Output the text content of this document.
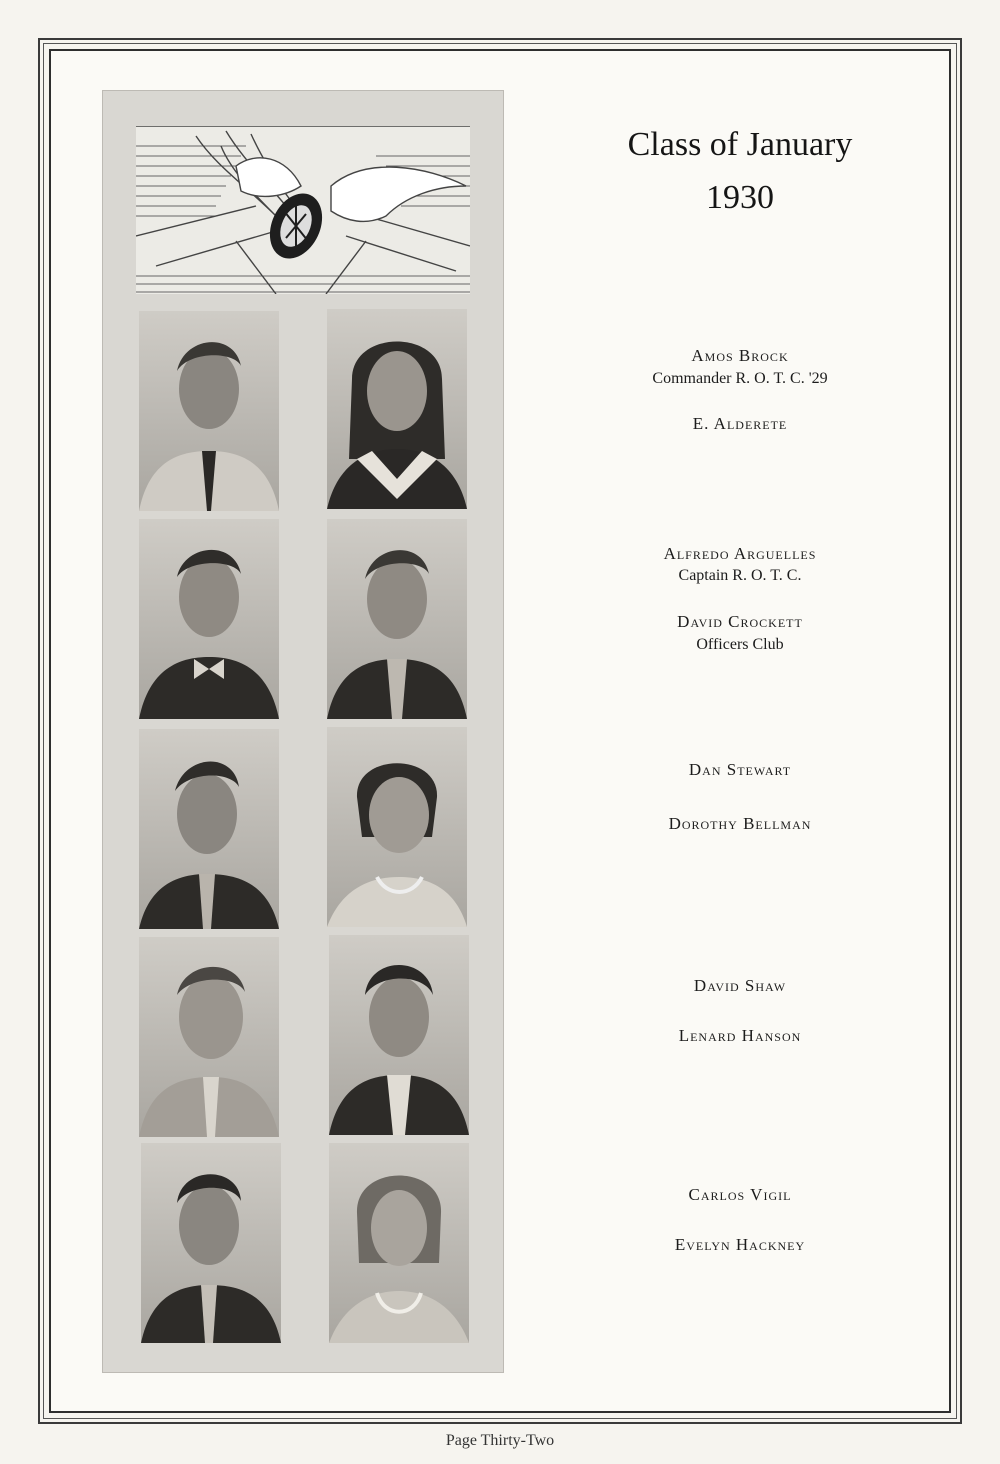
Class of January
1930
Amos Brock
Commander R. O. T. C. '29
E. Alderete
Alfredo Arguelles
Captain R. O. T. C.
David Crockett
Officers Club
Dan Stewart
Dorothy Bellman
David Shaw
Lenard Hanson
Carlos Vigil
Evelyn Hackney
Page Thirty-Two
